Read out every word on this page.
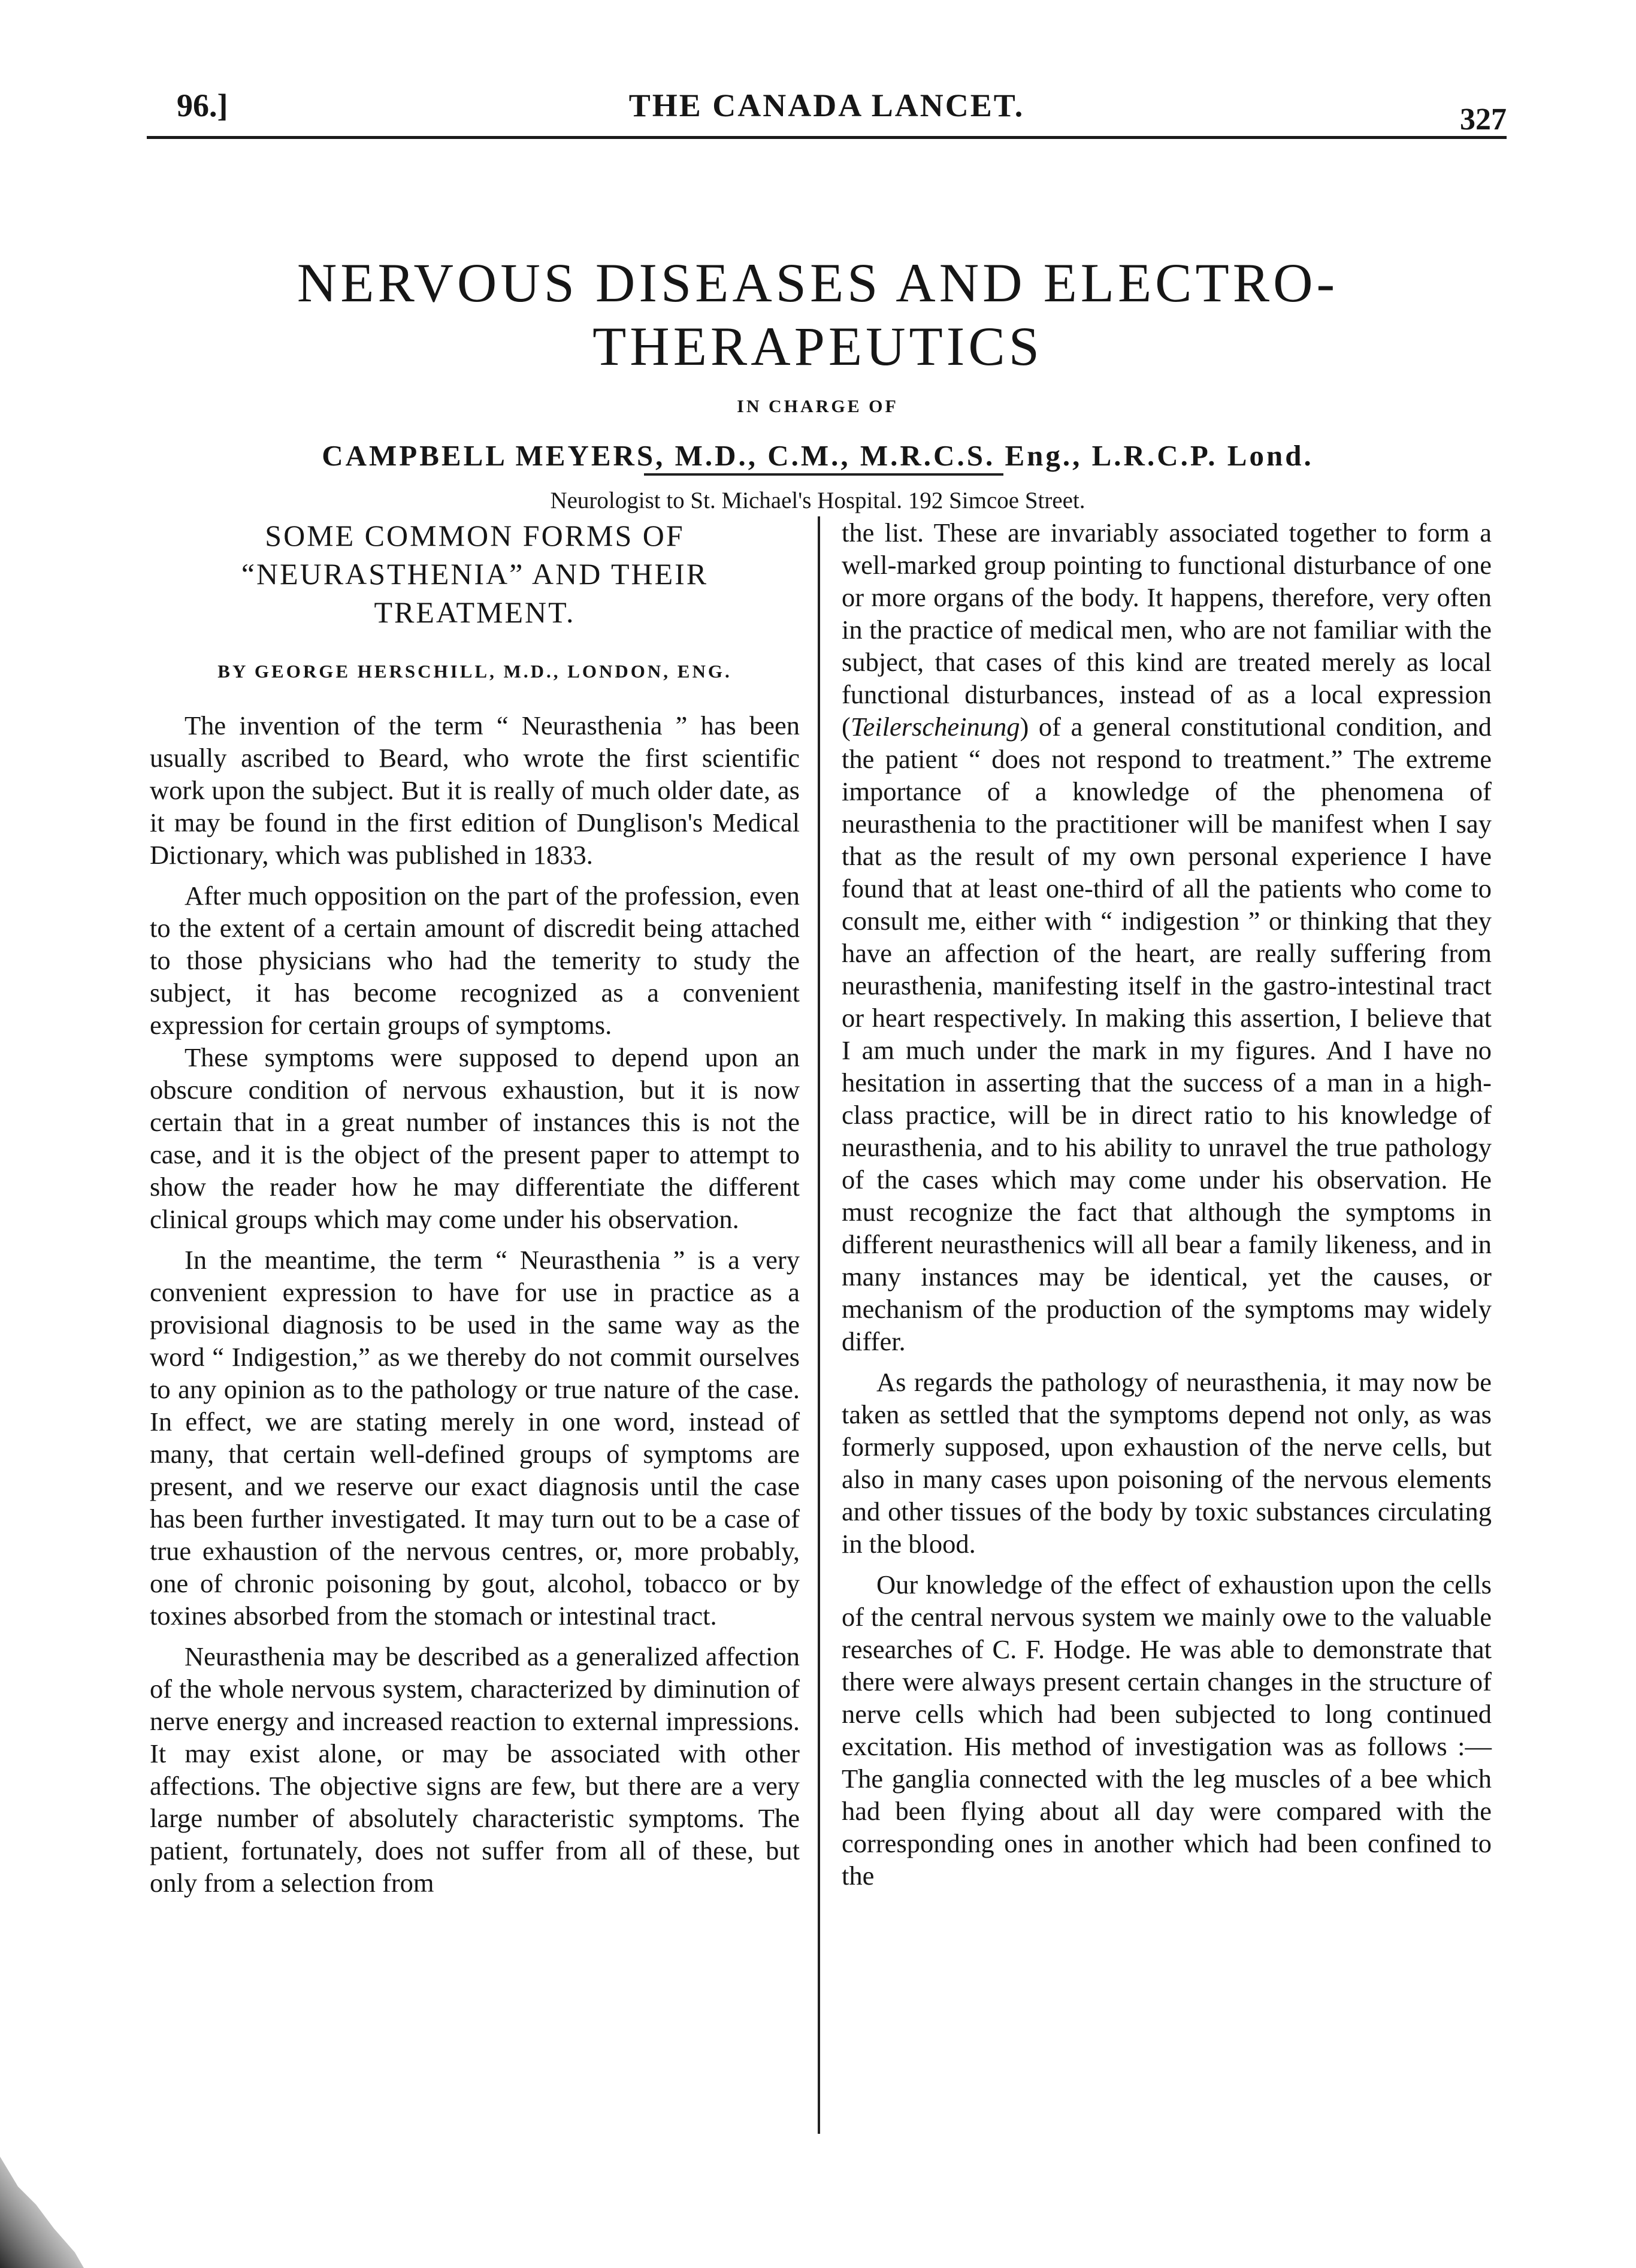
96.]	THE CANADA LANCET.	327
NERVOUS DISEASES AND ELECTRO-THERAPEUTICS
IN CHARGE OF
CAMPBELL MEYERS, M.D., C.M., M.R.C.S. Eng., L.R.C.P. Lond.
Neurologist to St. Michael's Hospital. 192 Simcoe Street.

SOME COMMON FORMS OF “NEURASTHENIA” AND THEIR TREATMENT.

BY GEORGE HERSCHILL, M.D., LONDON, ENG.

The invention of the term “ Neurasthenia ” has been usually ascribed to Beard, who wrote the first scientific work upon the subject. But it is really of much older date, as it may be found in the first edition of Dunglison's Medical Dictionary, which was published in 1833.

After much opposition on the part of the profession, even to the extent of a certain amount of discredit being attached to those physicians who had the temerity to study the subject, it has become recognized as a convenient expression for certain groups of symptoms.

These symptoms were supposed to depend upon an obscure condition of nervous exhaustion, but it is now certain that in a great number of instances this is not the case, and it is the object of the present paper to attempt to show the reader how he may differentiate the different clinical groups which may come under his observation.

In the meantime, the term “ Neurasthenia ” is a very convenient expression to have for use in practice as a provisional diagnosis to be used in the same way as the word “ Indigestion,” as we thereby do not commit ourselves to any opinion as to the pathology or true nature of the case. In effect, we are stating merely in one word, instead of many, that certain well-defined groups of symptoms are present, and we reserve our exact diagnosis until the case has been further investigated. It may turn out to be a case of true exhaustion of the nervous centres, or, more probably, one of chronic poisoning by gout, alcohol, tobacco or by toxines absorbed from the stomach or intestinal tract.

Neurasthenia may be described as a generalized affection of the whole nervous system, characterized by diminution of nerve energy and increased reaction to external impressions. It may exist alone, or may be associated with other affections. The objective signs are few, but there are a very large number of absolutely characteristic symptoms. The patient, fortunately, does not suffer from all of these, but only from a selection from

the list. These are invariably associated together to form a well-marked group pointing to functional disturbance of one or more organs of the body. It happens, therefore, very often in the practice of medical men, who are not familiar with the subject, that cases of this kind are treated merely as local functional disturbances, instead of as a local expression (Teilerscheinung) of a general constitutional condition, and the patient “ does not respond to treatment.” The extreme importance of a knowledge of the phenomena of neurasthenia to the practitioner will be manifest when I say that as the result of my own personal experience I have found that at least one-third of all the patients who come to consult me, either with “ indigestion ” or thinking that they have an affection of the heart, are really suffering from neurasthenia, manifesting itself in the gastro-intestinal tract or heart respectively. In making this assertion, I believe that I am much under the mark in my figures. And I have no hesitation in asserting that the success of a man in a high-class practice, will be in direct ratio to his knowledge of neurasthenia, and to his ability to unravel the true pathology of the cases which may come under his observation. He must recognize the fact that although the symptoms in different neurasthenics will all bear a family likeness, and in many instances may be identical, yet the causes, or mechanism of the production of the symptoms may widely differ.

As regards the pathology of neurasthenia, it may now be taken as settled that the symptoms depend not only, as was formerly supposed, upon exhaustion of the nerve cells, but also in many cases upon poisoning of the nervous elements and other tissues of the body by toxic substances circulating in the blood.

Our knowledge of the effect of exhaustion upon the cells of the central nervous system we mainly owe to the valuable researches of C. F. Hodge. He was able to demonstrate that there were always present certain changes in the structure of nerve cells which had been subjected to long continued excitation. His method of investigation was as follows :—The ganglia connected with the leg muscles of a bee which had been flying about all day were compared with the corresponding ones in another which had been confined to the
